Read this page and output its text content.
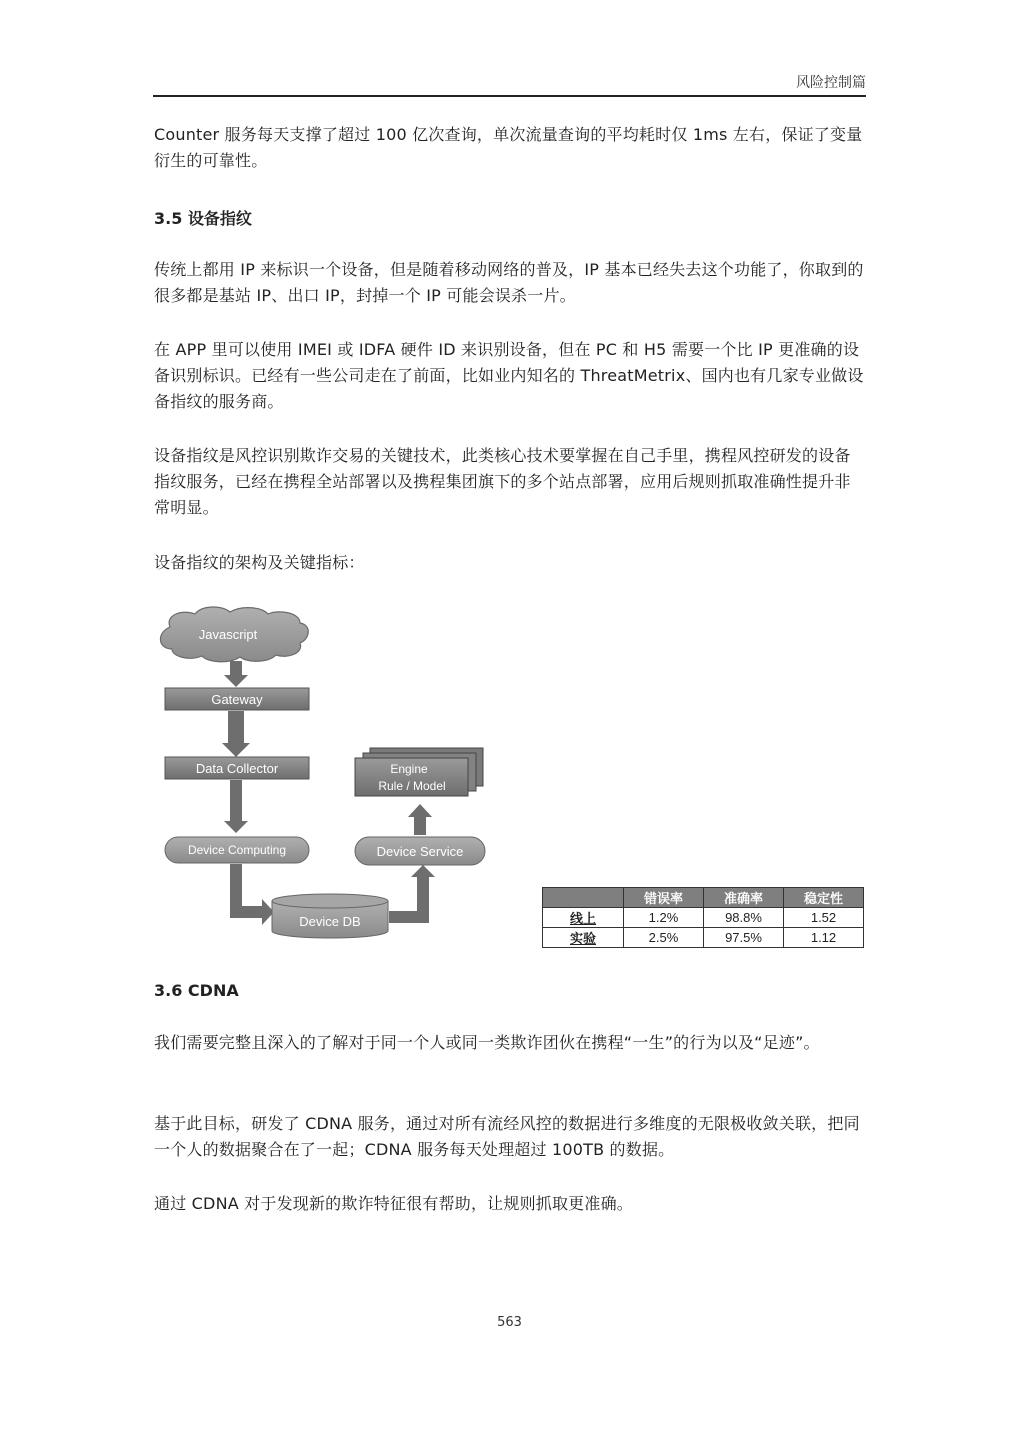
风险控制篇

Counter 服务每天支撑了超过 100 亿次查询，单次流量查询的平均耗时仅 1ms 左右，保证了变量衍生的可靠性。

3.5 设备指纹

传统上都用 IP 来标识一个设备，但是随着移动网络的普及，IP 基本已经失去这个功能了，你取到的很多都是基站 IP、出口 IP，封掉一个 IP 可能会误杀一片。

在 APP 里可以使用 IMEI 或 IDFA 硬件 ID 来识别设备，但在 PC 和 H5 需要一个比 IP 更准确的设备识别标识。已经有一些公司走在了前面，比如业内知名的 ThreatMetrix、国内也有几家专业做设备指纹的服务商。

设备指纹是风控识别欺诈交易的关键技术，此类核心技术要掌握在自己手里，携程风控研发的设备指纹服务，已经在携程全站部署以及携程集团旗下的多个站点部署，应用后规则抓取准确性提升非常明显。

设备指纹的架构及关键指标：

Javascript
Gateway
Data Collector
Device Computing
Device DB
Device Service
Engine
Rule / Model
	错误率	准确率	稳定性
线上	1.2%	98.8%	1.52
实验	2.5%	97.5%	1.12

3.6 CDNA

我们需要完整且深入的了解对于同一个人或同一类欺诈团伙在携程“一生”的行为以及“足迹”。

基于此目标，研发了 CDNA 服务，通过对所有流经风控的数据进行多维度的无限极收敛关联，把同一个人的数据聚合在了一起；CDNA 服务每天处理超过 100TB 的数据。

通过 CDNA 对于发现新的欺诈特征很有帮助，让规则抓取更准确。

563
